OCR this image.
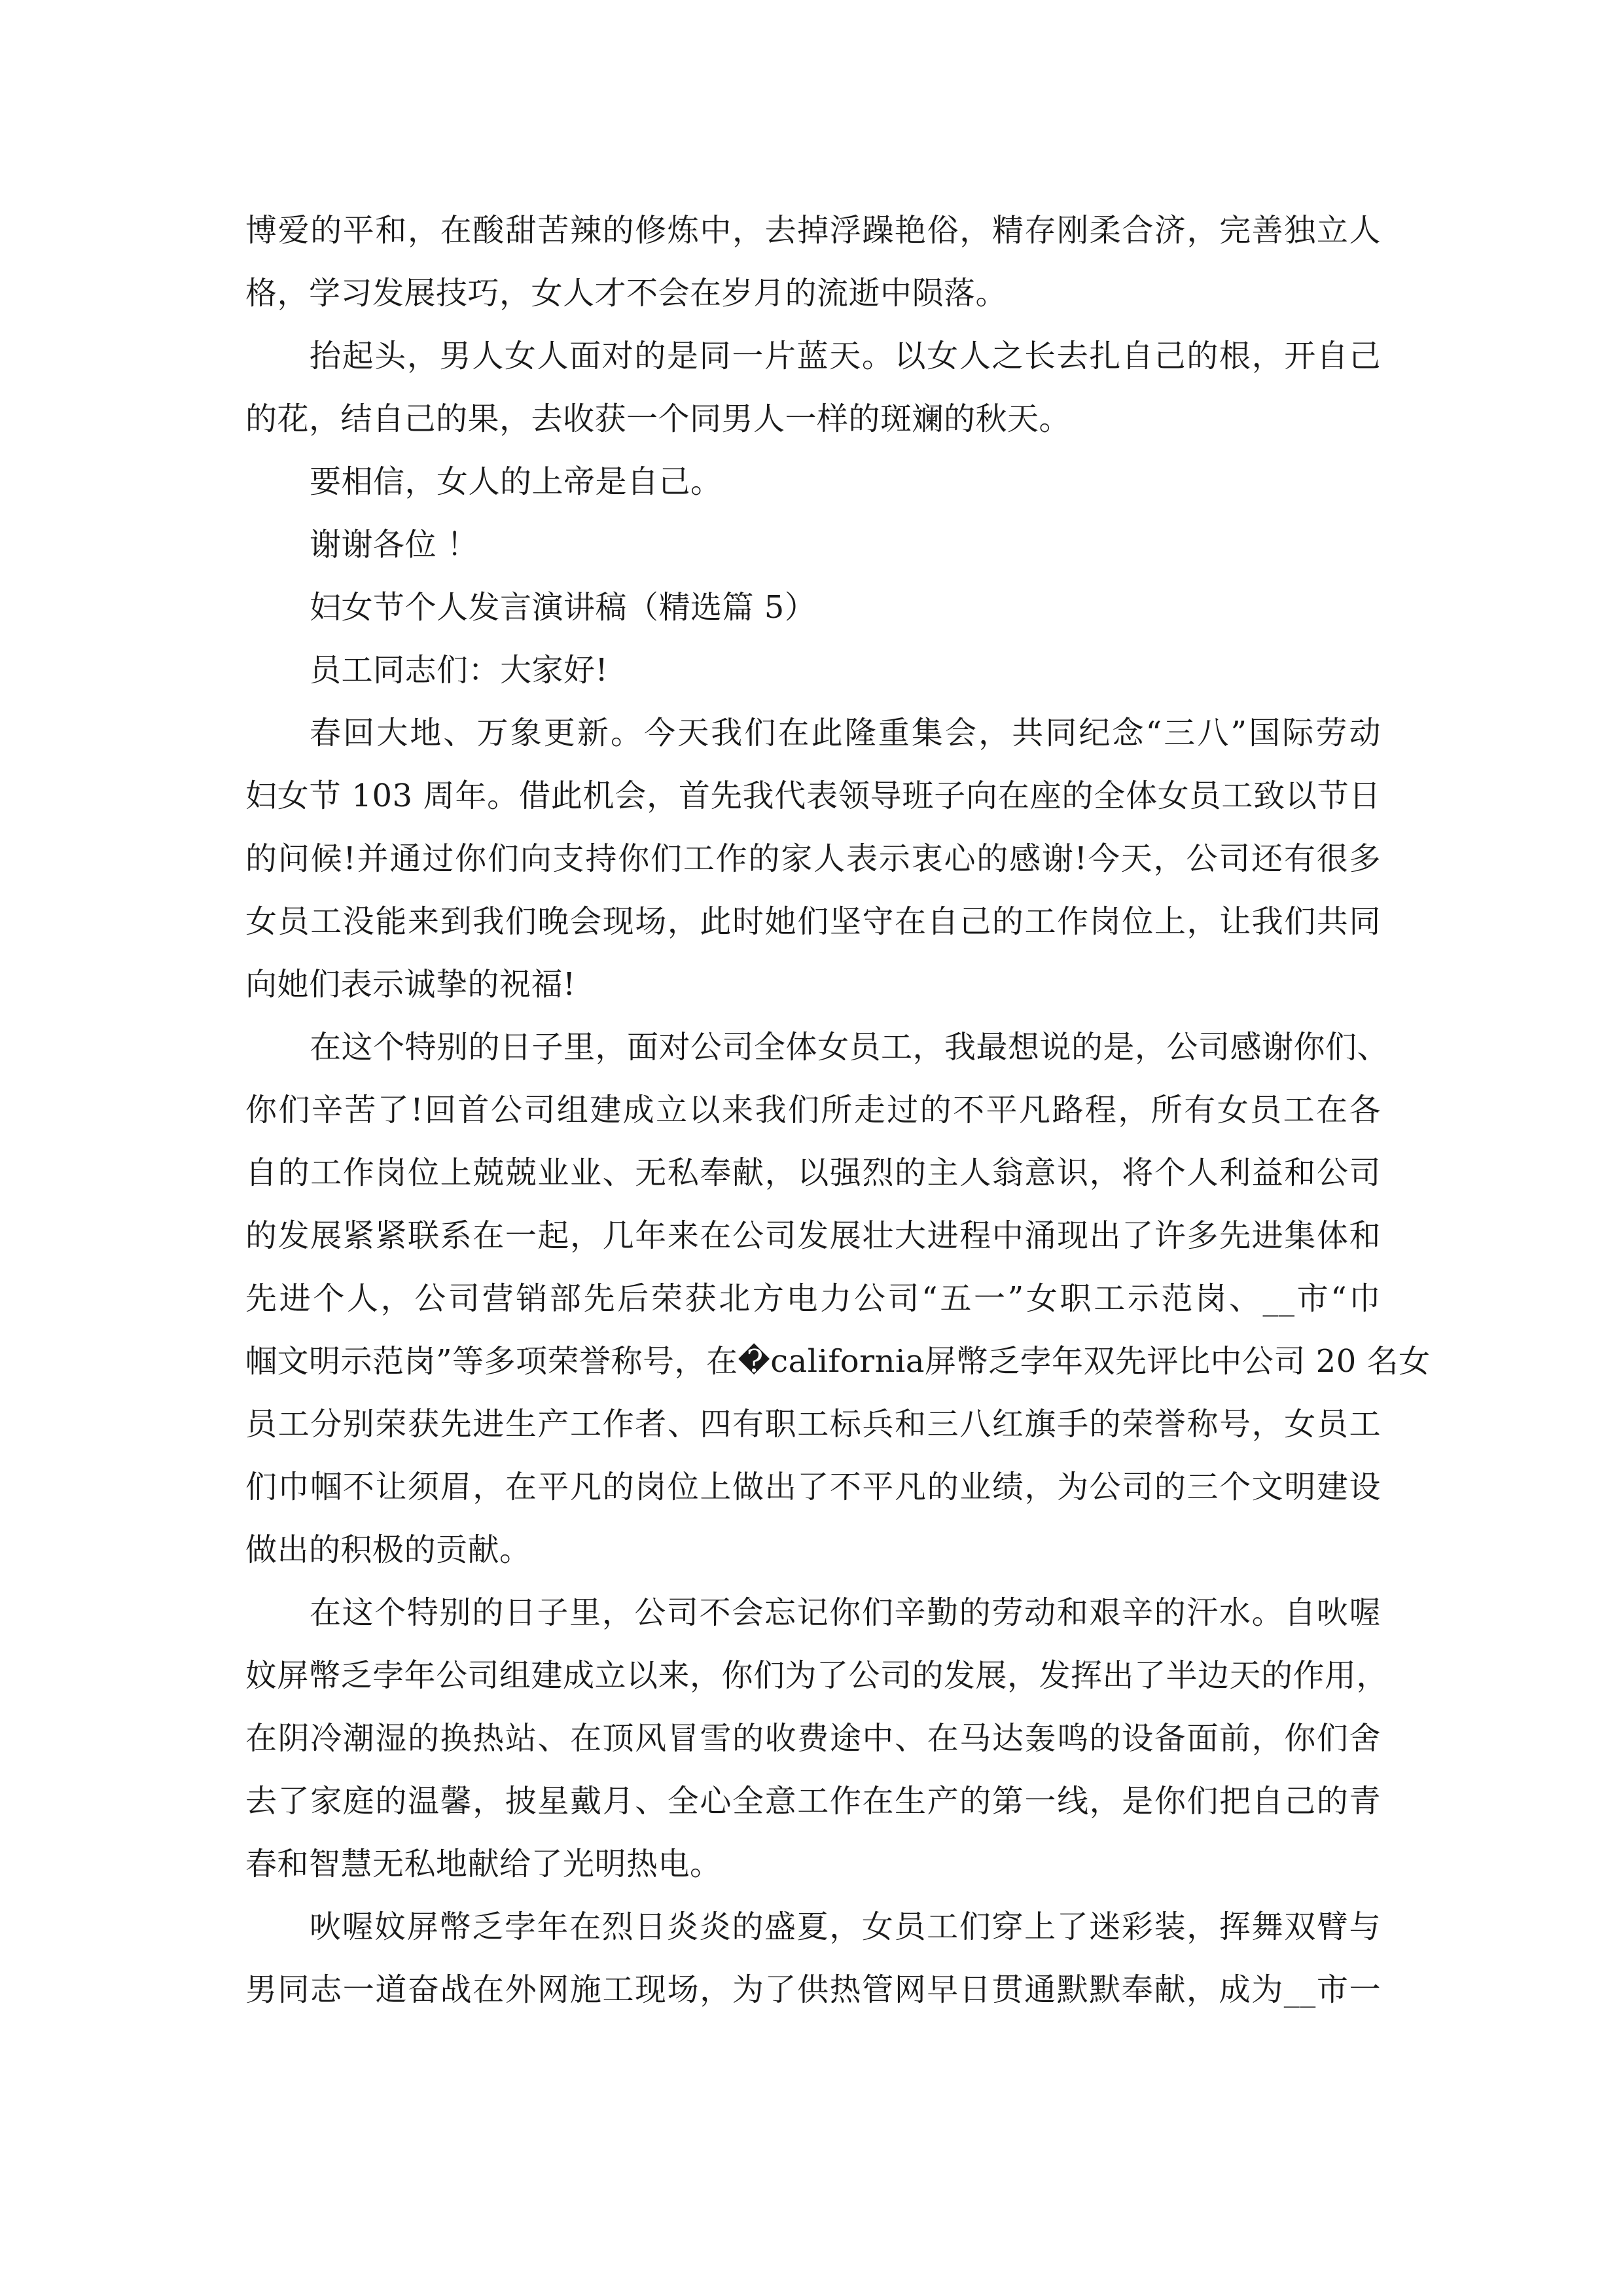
博爱的平和，在酸甜苦辣的修炼中，去掉浮躁艳俗，精存刚柔合济，完善独立人
格，学习发展技巧，女人才不会在岁月的流逝中陨落。
抬起头，男人女人面对的是同一片蓝天。以女人之长去扎自己的根，开自己
的花，结自己的果，去收获一个同男人一样的斑斓的秋天。
要相信，女人的上帝是自己。
谢谢各位 ！
妇女节个人发言演讲稿（精选篇 5）
员工同志们：大家好!
春回大地、万象更新。今天我们在此隆重集会，共同纪念“三八”国际劳动
妇女节 103 周年。借此机会，首先我代表领导班子向在座的全体女员工致以节日
的问候!并通过你们向支持你们工作的家人表示衷心的感谢!今天，公司还有很多
女员工没能来到我们晚会现场，此时她们坚守在自己的工作岗位上，让我们共同
向她们表示诚挚的祝福!
在这个特别的日子里，面对公司全体女员工，我最想说的是，公司感谢你们、
你们辛苦了!回首公司组建成立以来我们所走过的不平凡路程，所有女员工在各
自的工作岗位上兢兢业业、无私奉献，以强烈的主人翁意识，将个人利益和公司
的发展紧紧联系在一起，几年来在公司发展壮大进程中涌现出了许多先进集体和
先进个人，公司营销部先后荣获北方电力公司“五一”女职工示范岗、__市“巾
帼文明示范岗”等多项荣誉称号，在�california屏幣乏孛年双先评比中公司 20 名女
员工分别荣获先进生产工作者、四有职工标兵和三八红旗手的荣誉称号，女员工
们巾帼不让须眉，在平凡的岗位上做出了不平凡的业绩，为公司的三个文明建设
做出的积极的贡献。
在这个特别的日子里，公司不会忘记你们辛勤的劳动和艰辛的汗水。自吙喔
妏屏幣乏孛年公司组建成立以来，你们为了公司的发展，发挥出了半边天的作用，
在阴冷潮湿的换热站、在顶风冒雪的收费途中、在马达轰鸣的设备面前，你们舍
去了家庭的温馨，披星戴月、全心全意工作在生产的第一线，是你们把自己的青
春和智慧无私地献给了光明热电。
吙喔妏屏幣乏孛年在烈日炎炎的盛夏，女员工们穿上了迷彩装，挥舞双臂与
男同志一道奋战在外网施工现场，为了供热管网早日贯通默默奉献，成为__市一
